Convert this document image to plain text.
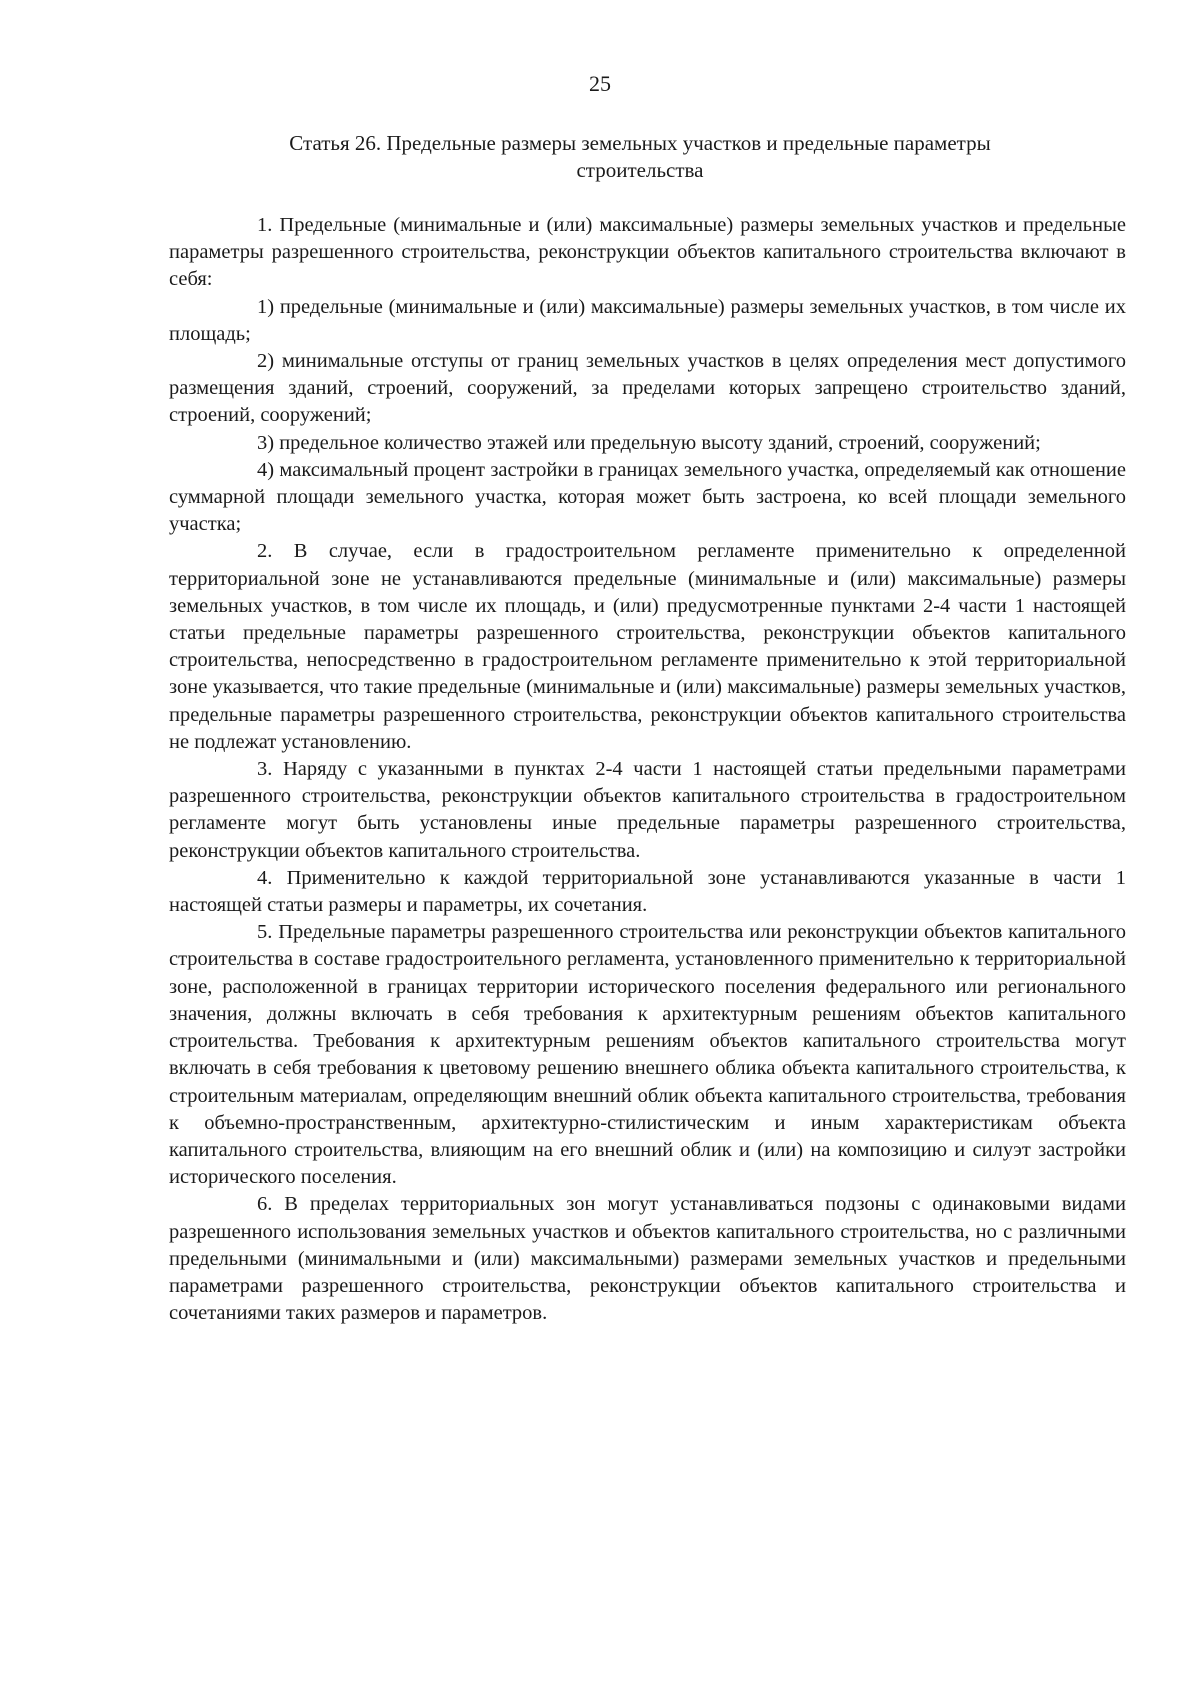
25
Статья 26. Предельные размеры земельных участков и предельные параметры строительства

1. Предельные (минимальные и (или) максимальные) размеры земельных участков и предельные параметры разрешенного строительства, реконструкции объектов капитального строительства включают в себя:

1) предельные (минимальные и (или) максимальные) размеры земельных участков, в том числе их площадь;

2) минимальные отступы от границ земельных участков в целях определения мест допустимого размещения зданий, строений, сооружений, за пределами которых запрещено строительство зданий, строений, сооружений;

3) предельное количество этажей или предельную высоту зданий, строений, сооружений;

4) максимальный процент застройки в границах земельного участка, определяемый как отношение суммарной площади земельного участка, которая может быть застроена, ко всей площади земельного участка;

2. В случае, если в градостроительном регламенте применительно к определенной территориальной зоне не устанавливаются предельные (минимальные и (или) максимальные) размеры земельных участков, в том числе их площадь, и (или) предусмотренные пунктами 2-4 части 1 настоящей статьи предельные параметры разрешенного строительства, реконструкции объектов капитального строительства, непосредственно в градостроительном регламенте применительно к этой территориальной зоне указывается, что такие предельные (минимальные и (или) максимальные) размеры земельных участков, предельные параметры разрешенного строительства, реконструкции объектов капитального строительства не подлежат установлению.

3. Наряду с указанными в пунктах 2-4 части 1 настоящей статьи предельными параметрами разрешенного строительства, реконструкции объектов капитального строительства в градостроительном регламенте могут быть установлены иные предельные параметры разрешенного строительства, реконструкции объектов капитального строительства.

4. Применительно к каждой территориальной зоне устанавливаются указанные в части 1 настоящей статьи размеры и параметры, их сочетания.

5. Предельные параметры разрешенного строительства или реконструкции объектов капитального строительства в составе градостроительного регламента, установленного применительно к территориальной зоне, расположенной в границах территории исторического поселения федерального или регионального значения, должны включать в себя требования к архитектурным решениям объектов капитального строительства. Требования к архитектурным решениям объектов капитального строительства могут включать в себя требования к цветовому решению внешнего облика объекта капитального строительства, к строительным материалам, определяющим внешний облик объекта капитального строительства, требования к объемно-пространственным, архитектурно-стилистическим и иным характеристикам объекта капитального строительства, влияющим на его внешний облик и (или) на композицию и силуэт застройки исторического поселения.

6. В пределах территориальных зон могут устанавливаться подзоны с одинаковыми видами разрешенного использования земельных участков и объектов капитального строительства, но с различными предельными (минимальными и (или) максимальными) размерами земельных участков и предельными параметрами разрешенного строительства, реконструкции объектов капитального строительства и сочетаниями таких размеров и параметров.
